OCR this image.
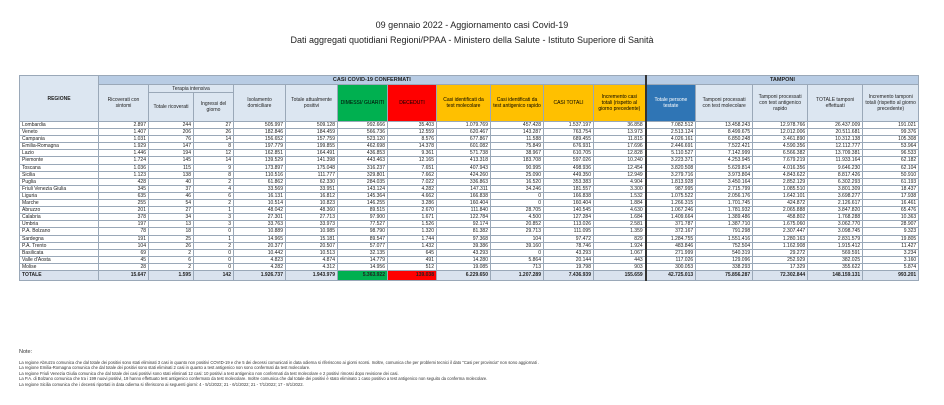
09 gennaio 2022 - Aggiornamento casi Covid-19
Dati aggregati quotidiani Regioni/PPAA - Ministero della Salute - Istituto Superiore di Sanità
REGIONE	CASI COVID-19 CONFERMATI											TAMPONI				
	Ricoverati con sintomi	Terapia intensiva		Isolamento domiciliare	Totale attualmente positivi	DIMESSI/ GUARITI	DECEDUTI	Casi identificati da test molecolare	Casi identificati da test antigenico rapido	CASI TOTALI	Incremento casi totali (rispetto al giorno precedente)	Totale persone testate	Tamponi processati con test molecolare	Tamponi processati con test antigenico rapido	TOTALE tamponi effettuati	Incremento tamponi totali (rispetto al giorno precedente)
		Totale ricoverati	Ingressi del giorno													
Lombardia	2.897	244	27	505.997	509.128	992.666	35.403	1.079.769	457.428	1.537.197	36.858	7.082.512	13.458.243	12.978.766	26.437.009	191.021
Veneto	1.407	206	26	182.846	184.459	566.736	12.559	620.467	143.287	763.754	13.973	2.513.124	8.499.675	12.012.006	20.511.681	99.376
Campania	1.031	76	14	156.652	157.759	523.120	8.576	677.867	11.588	689.455	11.815	4.026.161	6.850.248	3.461.890	10.312.138	105.308
Emilia-Romagna	1.929	147	8	197.779	199.855	462.698	14.378	601.082	75.849	676.931	17.696	2.446.691	7.522.421	4.590.356	12.112.777	53.964
Lazio	1.446	194	12	162.851	164.491	436.853	9.361	571.738	38.967	610.705	12.828	5.110.527	7.142.999	6.566.382	13.709.381	96.533
Piemonte	1.724	145	14	139.529	141.398	443.463	12.165	413.318	183.708	597.026	10.240	3.223.371	4.253.945	7.679.219	11.933.164	62.182
Toscana	1.036	115	9	173.897	175.048	316.237	7.651	407.943	90.995	498.936	12.454	3.820.508	5.629.814	4.016.356	9.646.230	62.104
Sicilia	1.123	138	8	110.516	111.777	329.801	7.662	424.260	25.090	449.350	12.949	3.279.716	3.973.804	4.843.622	8.817.426	50.910
Puglia	428	40	2	61.862	62.330	284.035	7.022	336.863	16.520	353.383	4.904	1.813.928	3.450.164	2.852.129	6.302.293	61.193
Friuli Venezia Giulia	345	37	4	33.569	33.951	143.124	4.282	147.311	34.246	181.557	3.300	987.995	2.715.799	1.085.510	3.801.309	18.437
Liguria	635	46	6	16.131	16.812	145.364	4.662	166.838	0	166.838	1.532	1.075.522	2.056.176	1.642.101	3.698.277	17.938
Marche	255	54	2	10.514	10.823	146.255	3.286	160.404	0	160.404	1.884	1.266.315	1.701.745	424.872	2.126.617	16.461
Abruzzo	201	27	1	48.042	48.360	89.515	2.670	111.840	28.705	140.545	4.630	1.067.246	1.781.932	2.065.888	3.847.820	65.476
Calabria	378	34	3	27.301	27.713	97.900	1.671	122.784	4.500	127.284	1.684	1.409.664	1.389.486	458.802	1.768.288	10.363
Umbria	197	13	3	33.763	33.973	77.527	1.526	92.174	20.852	113.026	2.581	371.787	1.387.710	1.675.060	3.062.770	28.907
P.A. Bolzano	78	18	0	10.889	10.985	98.790	1.320	81.382	29.713	111.095	1.359	372.167	791.298	2.307.447	3.098.745	9.323
Sardegna	191	25	1	14.965	15.181	89.547	1.744	97.368	104	97.472	829	1.284.755	1.551.416	1.280.163	2.831.579	19.805
P.A. Trento	104	26	2	20.377	20.507	57.077	1.432	39.386	39.160	78.746	1.924	483.846	752.504	1.162.908	1.915.412	11.427
Basilicata	69	2	0	10.442	10.513	32.135	645	43.293	0	43.293	1.067	271.999	540.319	29.272	569.591	3.234
Valle d'Aosta	45	6	0	4.823	4.874	14.779	491	14.280	5.864	20.144	443	117.026	129.096	252.929	382.025	3.160
Molise	28	2	0	4.282	4.312	14.956	512	19.085	713	19.798	903	300.053	338.293	17.329	355.622	5.874
TOTALE	15.647	1.595	142	1.926.737	1.943.979	5.363.922	139.038	6.229.650	1.207.289	7.436.939	155.659	42.725.013	75.856.287	72.302.844	148.159.131	993.201
Note:
La regione Abruzzo comunica che dal totale dei positivi sono stati eliminati 3 casi in quanto non positivi COVID-19 e che 5 dei decessi comunicati in data odierna si riferiscono ai giorni scorsi. Inoltre, comunica che per problemi tecnici il dato "Casi per provincia" non sono aggiornati .
La regione Emilia-Romagna comunica che dal totale dei positivi sono stati eliminati 2 casi in quanto a test antigenico non sono confermati da test molecolare.
La regione Friuli Venezia Giulia comunica che dal totale dei casi positivi sono stati eliminati 12 casi: 10 positivi a test antigenico non confermati da test molecolare e 2 positivi rimossi dopo revisione dei casi.
La P.A. di Bolzano comunica che tra i 199 nuovi positivi, 19 hanno effettuato test antigenico confermato da test molecolare. Inoltre comunica che dal totale dei positivi è stato eliminato 1 caso positivo a test antigenico non seguito da conferma molecolare.
La regione Sicilia comunica che i decessi riportati in data odierna si riferiscono ai seguenti giorni: 4 - 5/1/2022; 21 - 6/1/2022; 21 - 7/1/2022; 17 - 8/1/2022.
